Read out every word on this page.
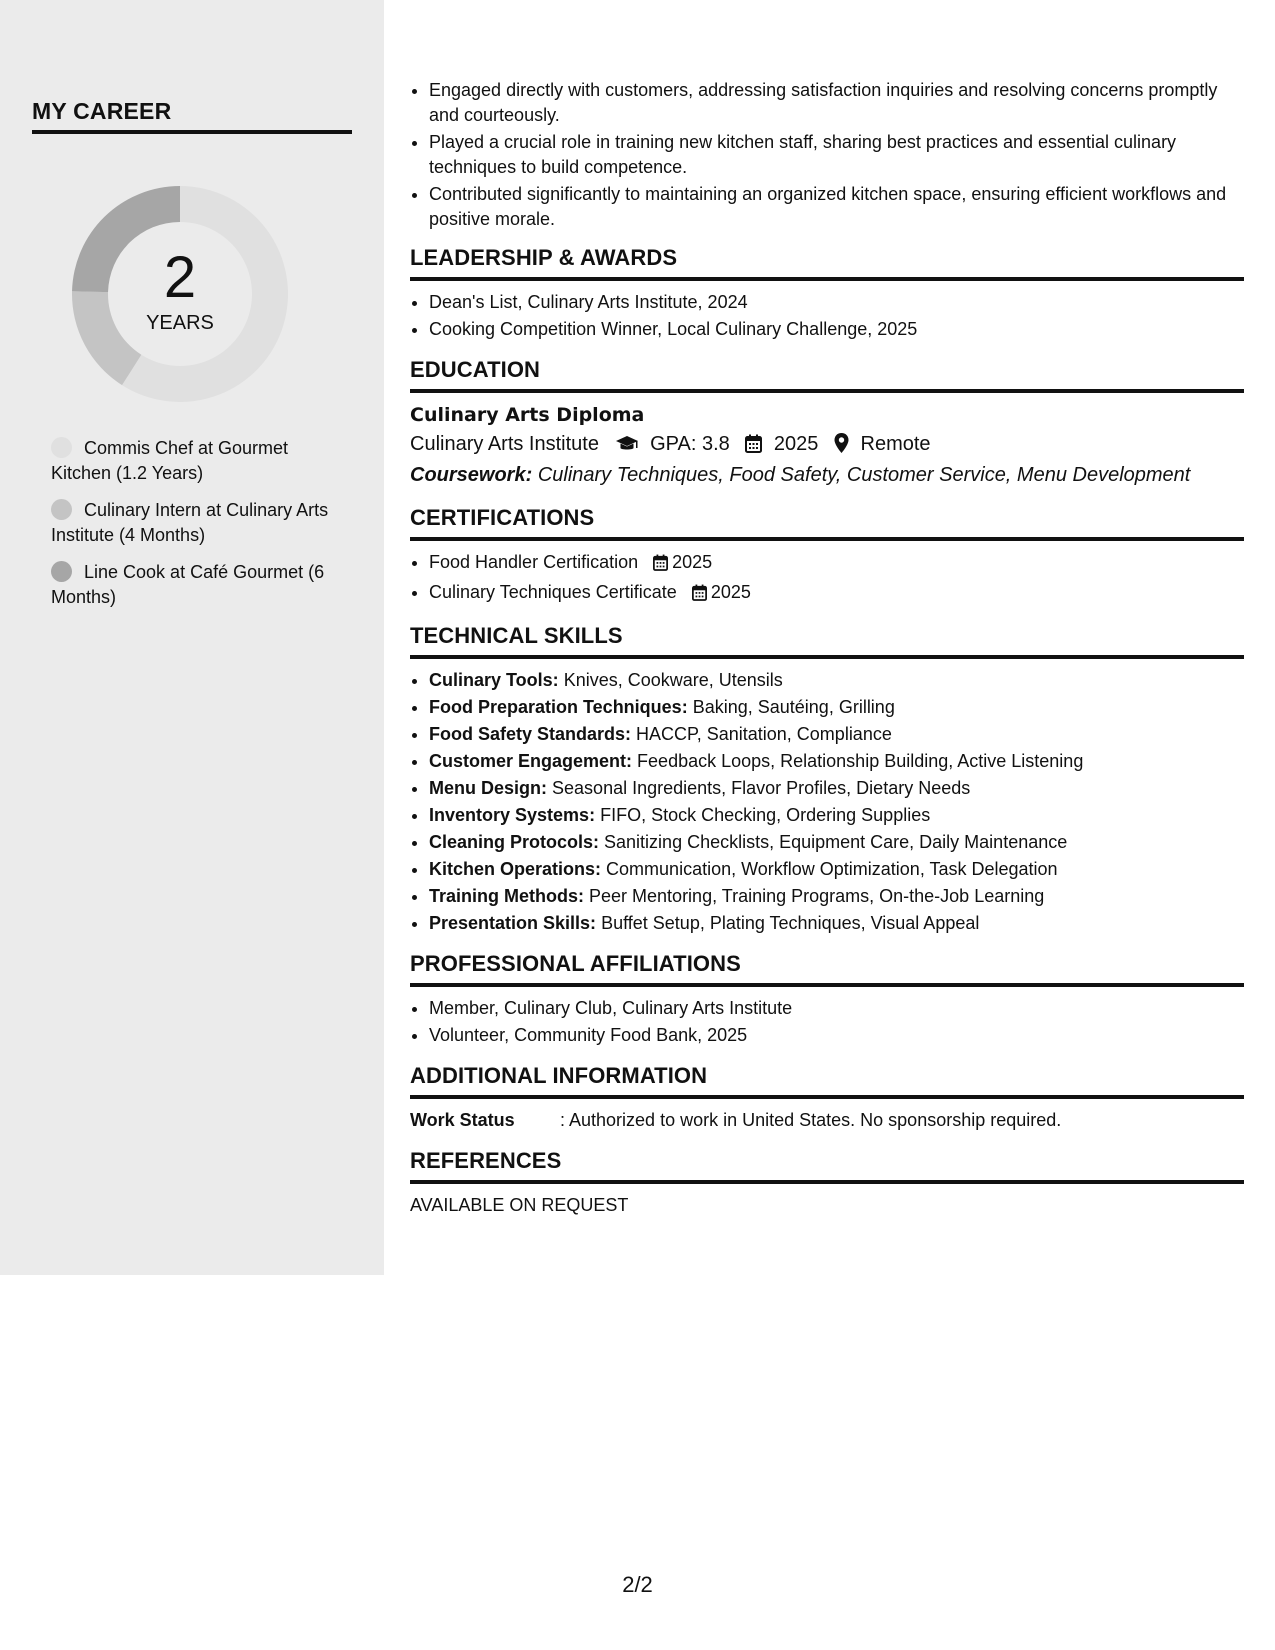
MY CAREER
2
YEARS
Commis Chef at Gourmet Kitchen (1.2 Years)
Culinary Intern at Culinary Arts Institute (4 Months)
Line Cook at Café Gourmet (6 Months)
• Engaged directly with customers, addressing satisfaction inquiries and resolving concerns promptly and courteously.
• Played a crucial role in training new kitchen staff, sharing best practices and essential culinary techniques to build competence.
• Contributed significantly to maintaining an organized kitchen space, ensuring efficient workflows and positive morale.
LEADERSHIP & AWARDS
• Dean's List, Culinary Arts Institute, 2024
• Cooking Competition Winner, Local Culinary Challenge, 2025
EDUCATION
Culinary Arts Diploma
Culinary Arts Institute	GPA: 3.8 2025 Remote
Coursework: Culinary Techniques, Food Safety, Customer Service, Menu Development
CERTIFICATIONS
• Food Handler Certification 2025
• Culinary Techniques Certificate 2025
TECHNICAL SKILLS
• Culinary Tools: Knives, Cookware, Utensils
• Food Preparation Techniques: Baking, Sautéing, Grilling
• Food Safety Standards: HACCP, Sanitation, Compliance
• Customer Engagement: Feedback Loops, Relationship Building, Active Listening
• Menu Design: Seasonal Ingredients, Flavor Profiles, Dietary Needs
• Inventory Systems: FIFO, Stock Checking, Ordering Supplies
• Cleaning Protocols: Sanitizing Checklists, Equipment Care, Daily Maintenance
• Kitchen Operations: Communication, Workflow Optimization, Task Delegation
• Training Methods: Peer Mentoring, Training Programs, On-the-Job Learning
• Presentation Skills: Buffet Setup, Plating Techniques, Visual Appeal
PROFESSIONAL AFFILIATIONS
• Member, Culinary Club, Culinary Arts Institute
• Volunteer, Community Food Bank, 2025
ADDITIONAL INFORMATION
Work Status	: Authorized to work in United States. No sponsorship required.
REFERENCES
AVAILABLE ON REQUEST
2/2
